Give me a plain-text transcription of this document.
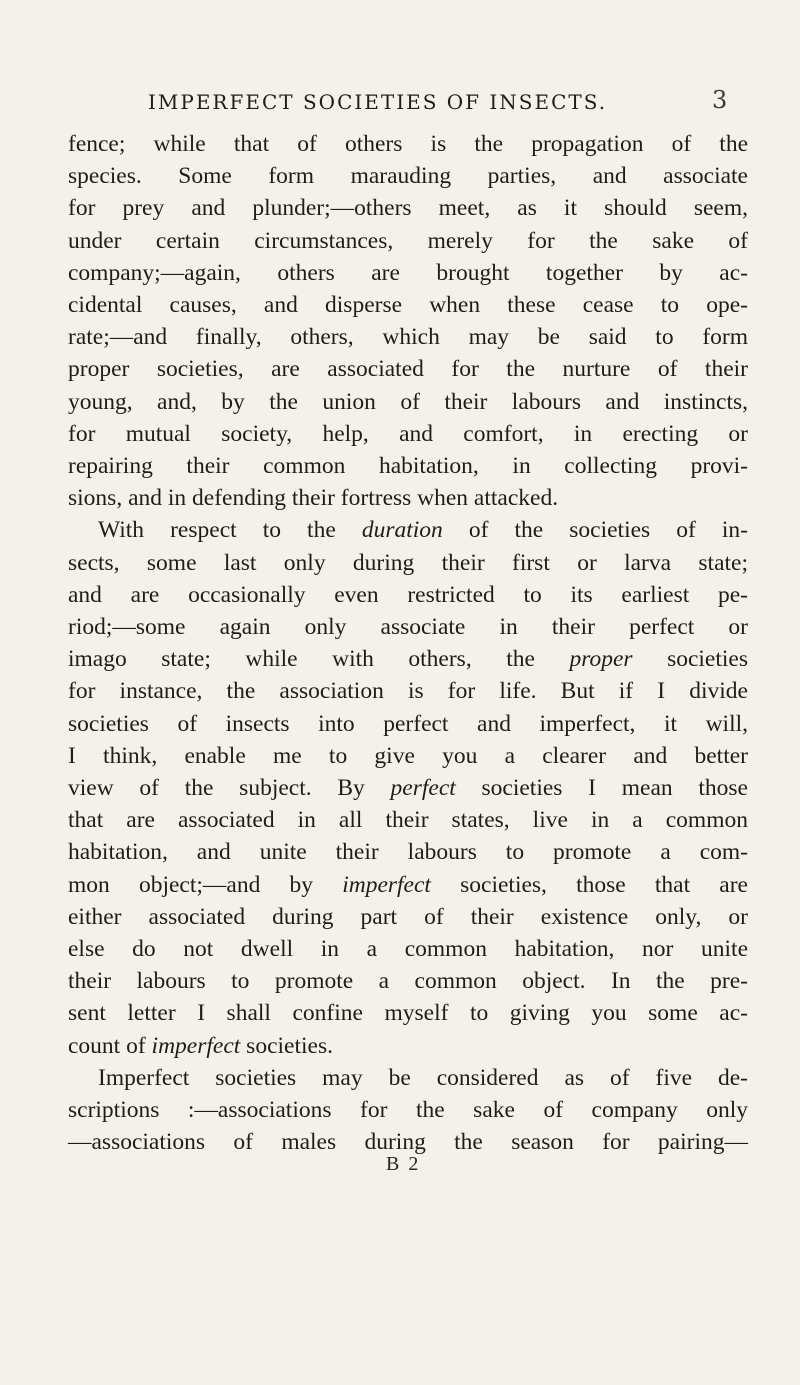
IMPERFECT SOCIETIES OF INSECTS.	3
fence; while that of others is the propagation of the
species. Some form marauding parties, and associate
for prey and plunder;—others meet, as it should seem,
under certain circumstances, merely for the sake of
company;—again, others are brought together by ac-
cidental causes, and disperse when these cease to ope-
rate;—and finally, others, which may be said to form
proper societies, are associated for the nurture of their
young, and, by the union of their labours and instincts,
for mutual society, help, and comfort, in erecting or
repairing their common habitation, in collecting provi-
sions, and in defending their fortress when attacked.
With respect to the duration of the societies of in-
sects, some last only during their first or larva state;
and are occasionally even restricted to its earliest pe-
riod;—some again only associate in their perfect or
imago state; while with others, the proper societies
for instance, the association is for life. But if I divide
societies of insects into perfect and imperfect, it will,
I think, enable me to give you a clearer and better
view of the subject. By perfect societies I mean those
that are associated in all their states, live in a common
habitation, and unite their labours to promote a com-
mon object;—and by imperfect societies, those that are
either associated during part of their existence only, or
else do not dwell in a common habitation, nor unite
their labours to promote a common object. In the pre-
sent letter I shall confine myself to giving you some ac-
count of imperfect societies.
Imperfect societies may be considered as of five de-
scriptions :—associations for the sake of company only
—associations of males during the season for pairing—
B 2
